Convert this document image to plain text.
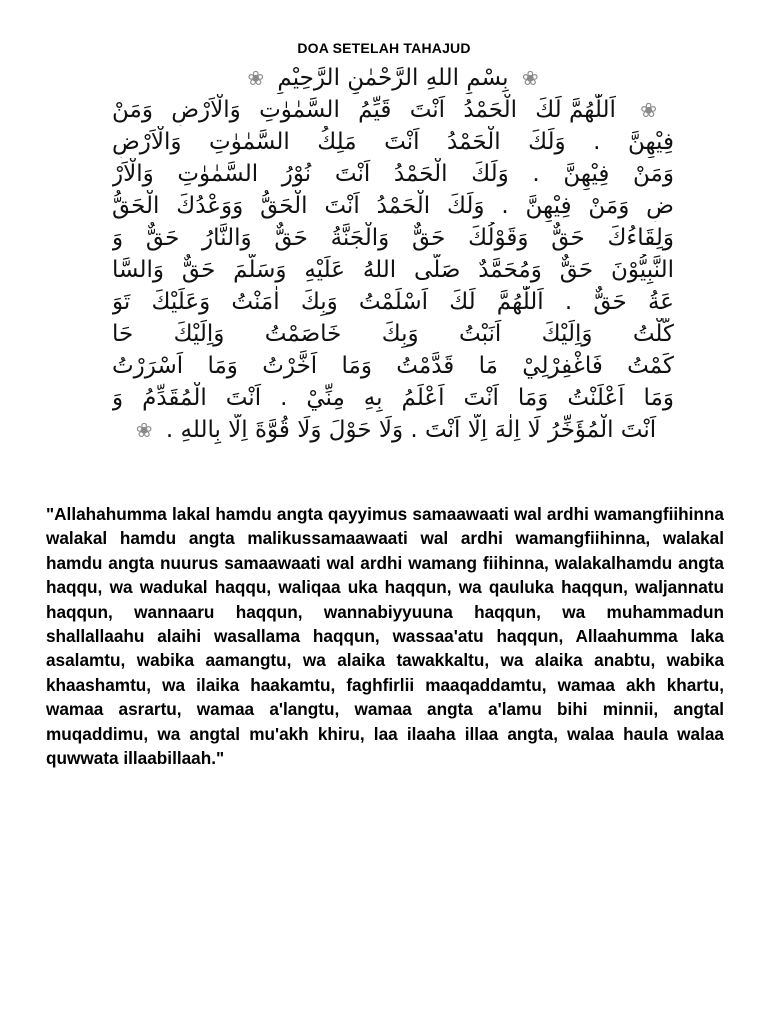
DOA SETELAH TAHAJUD
❀ بِسْمِ اللهِ الرَّحْمٰنِ الرَّحِيْمِ ❀
❀ اَللّٰهُمَّ لَكَ الْحَمْدُ اَنْتَ قَيِّمُ السَّمٰوٰتِ وَالْاَرْضِ وَمَنْ
فِيْهِنَّ . وَلَكَ الْحَمْدُ اَنْتَ مَلِكُ السَّمٰوٰتِ وَالْاَرْضِ
وَمَنْ فِيْهِنَّ . وَلَكَ الْحَمْدُ اَنْتَ نُوْرُ السَّمٰوٰتِ وَالْاَرْ
ضِ وَمَنْ فِيْهِنَّ . وَلَكَ الْحَمْدُ اَنْتَ الْحَقُّ وَوَعْدُكَ الْحَقُّ
وَلِقَاءُكَ حَقٌّ وَقَوْلُكَ حَقٌّ وَالْجَنَّةُ حَقٌّ وَالنَّارُ حَقٌّ وَ
النَّبِيُّوْنَ حَقٌّ وَمُحَمَّدٌ صَلَّى اللهُ عَلَيْهِ وَسَلَّمَ حَقٌّ وَالسَّا
عَةُ حَقٌّ . اَللّٰهُمَّ لَكَ اَسْلَمْتُ وَبِكَ اٰمَنْتُ وَعَلَيْكَ تَوَ
كَّلْتُ وَاِلَيْكَ اَنَبْتُ وَبِكَ خَاصَمْتُ وَاِلَيْكَ حَا
كَمْتُ فَاغْفِرْلِيْ مَا قَدَّمْتُ وَمَا اَخَّرْتُ وَمَا اَسْرَرْتُ
وَمَا اَعْلَنْتُ وَمَا اَنْتَ اَعْلَمُ بِهِ مِنِّيْ . اَنْتَ الْمُقَدِّمُ وَ
اَنْتَ الْمُؤَخِّرُ لَا اِلٰهَ اِلَّا اَنْتَ . وَلَا حَوْلَ وَلَا قُوَّةَ اِلَّا بِاللهِ . ❀

"Allahahumma lakal hamdu angta qayyimus samaawaati wal ardhi wamangfiihinna walakal hamdu angta malikussamaawaati wal ardhi wamangfiihinna, walakal hamdu angta nuurus samaawaati wal ardhi wamang fiihinna, walakalhamdu angta haqqu, wa wadukal haqqu, waliqaa uka haqqun, wa qauluka haqqun, waljannatu haqqun, wannaaru haqqun, wannabiyyuuna haqqun, wa muhammadun shallallaahu alaihi wasallama haqqun, wassaa'atu haqqun, Allaahumma laka asalamtu, wabika aamangtu, wa alaika tawakkaltu, wa alaika anabtu, wabika khaashamtu, wa ilaika haakamtu, faghfirlii maaqaddamtu, wamaa akh khartu, wamaa asrartu, wamaa a'langtu, wamaa angta a'lamu bihi minnii, angtal muqaddimu, wa angtal mu'akh khiru, laa ilaaha illaa angta, walaa haula walaa quwwata illaabillaah."
